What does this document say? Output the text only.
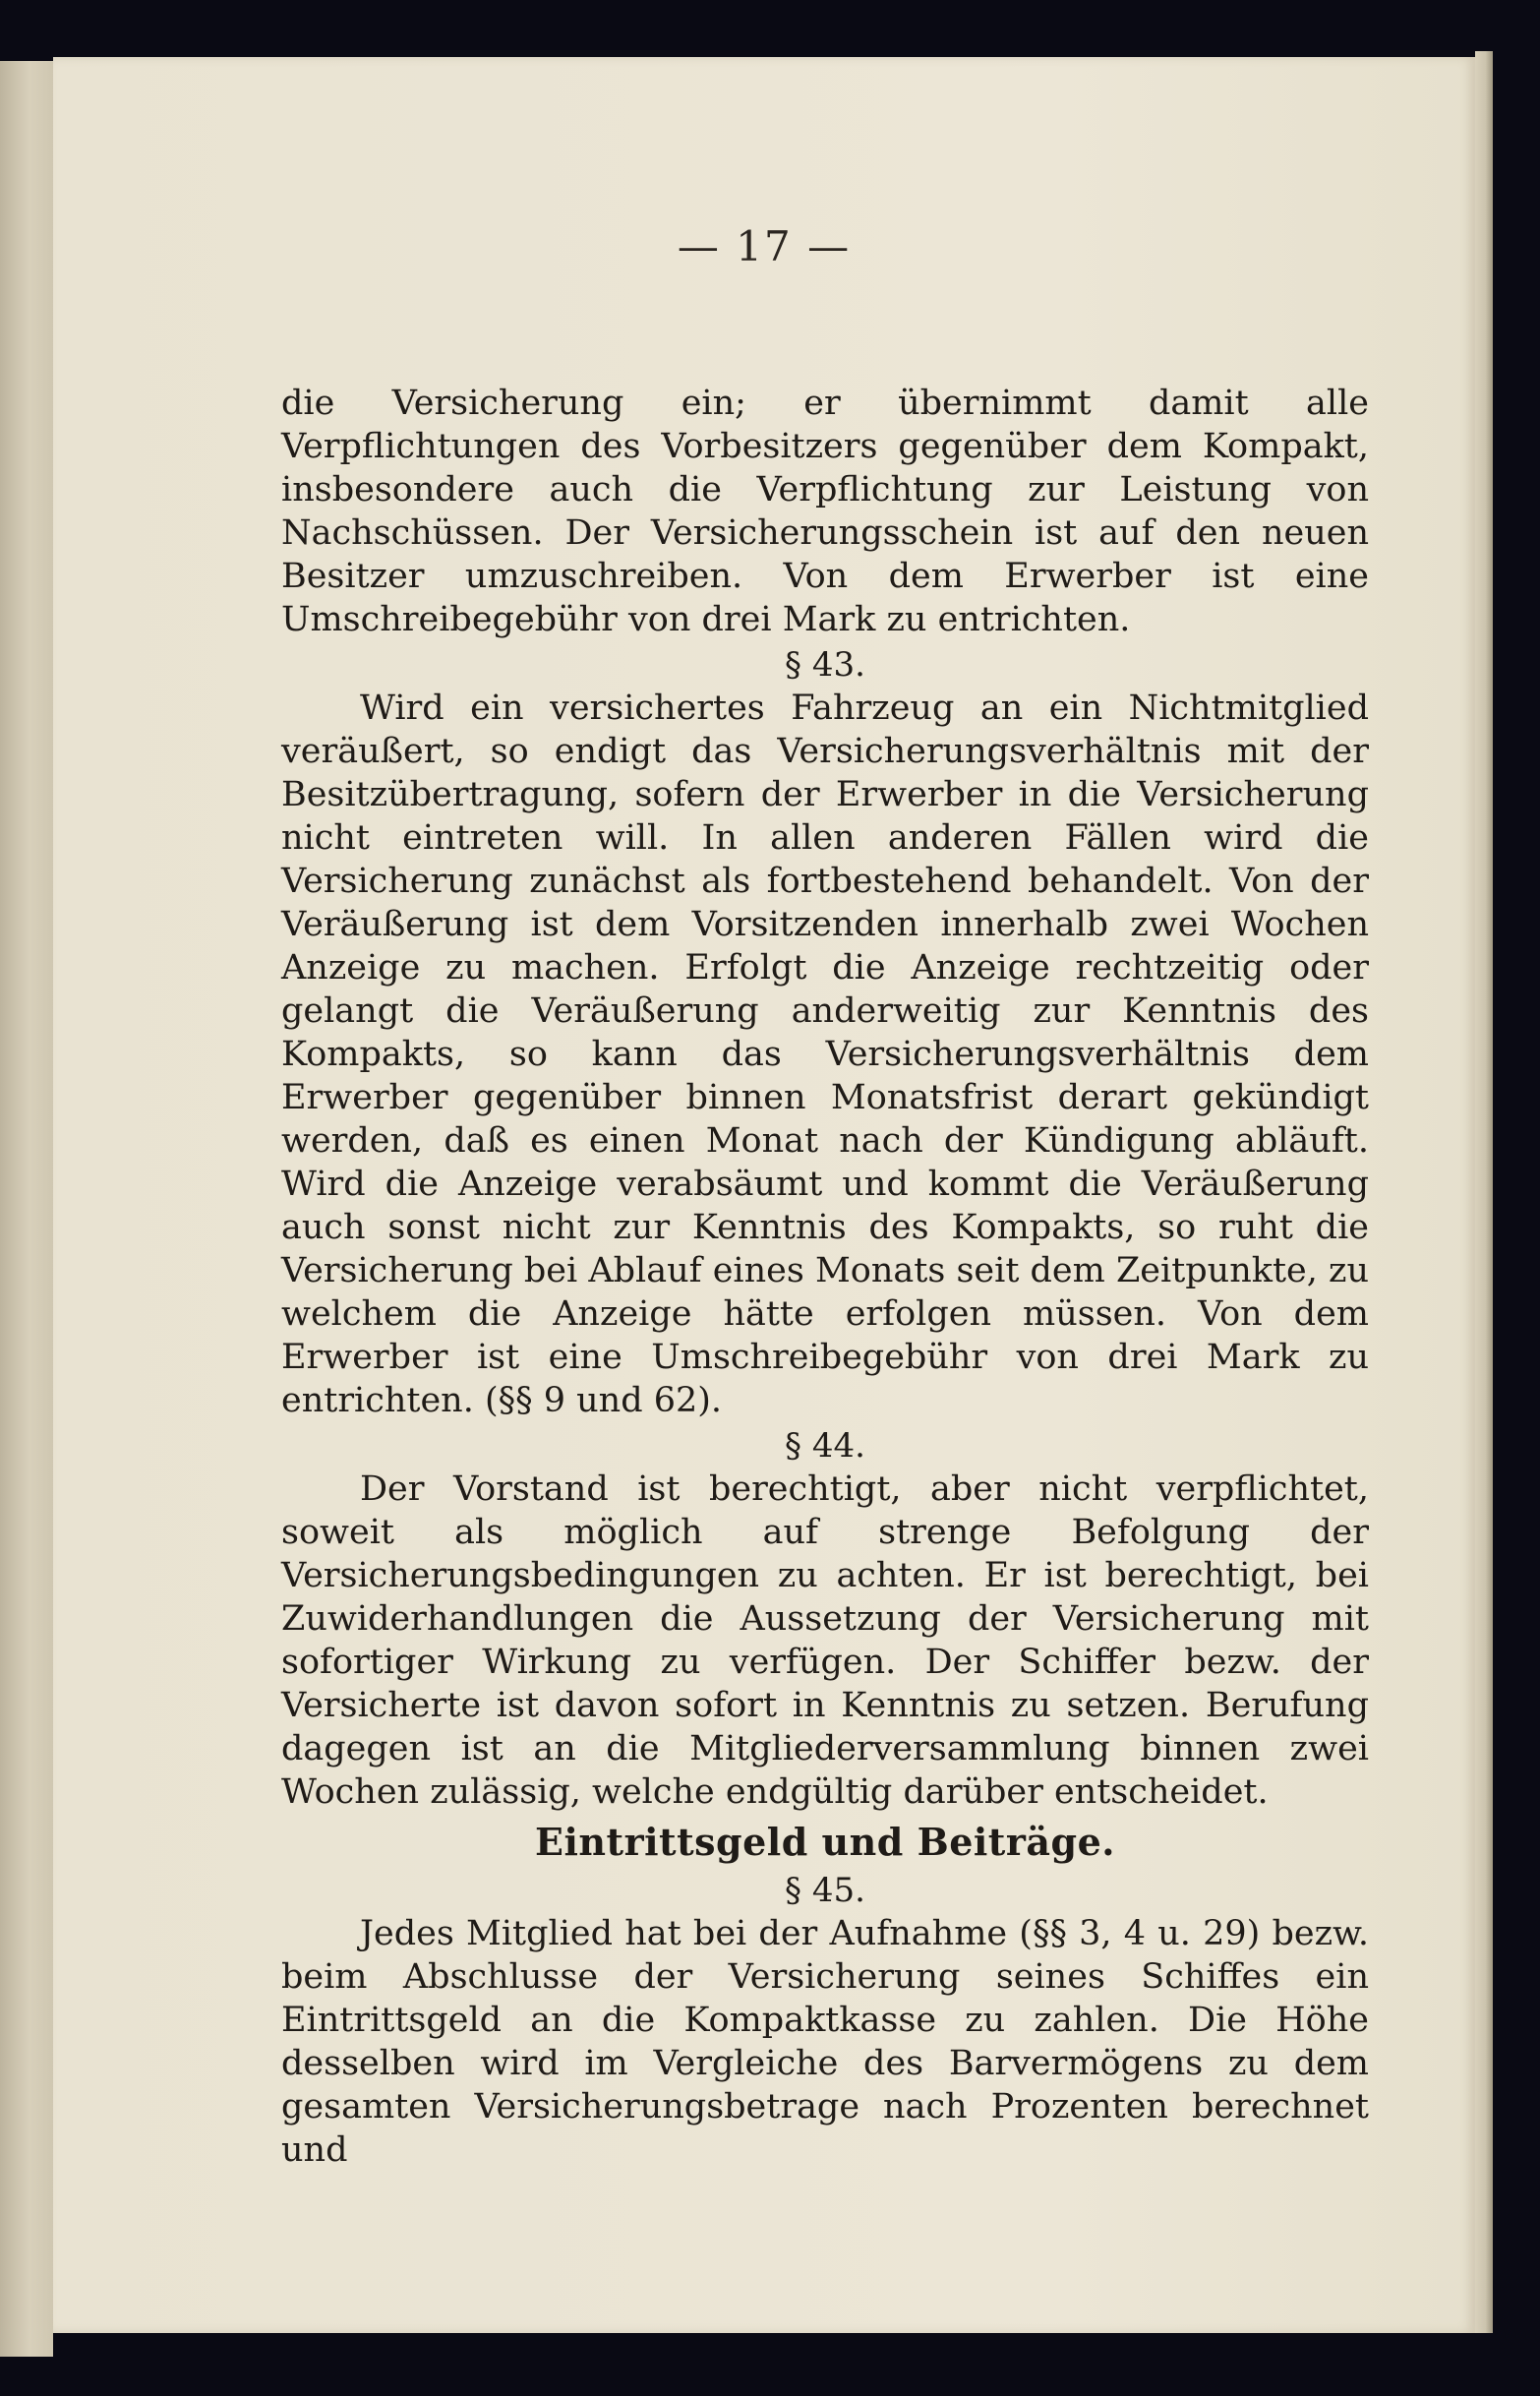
— 17 —

die Versicherung ein; er übernimmt damit alle Verpflichtungen des Vorbesitzers gegenüber dem Kompakt, insbesondere auch die Verpflichtung zur Leistung von Nachschüssen. Der Versicherungsschein ist auf den neuen Besitzer umzuschreiben. Von dem Erwerber ist eine Umschreibegebühr von drei Mark zu entrichten.

§ 43.

Wird ein versichertes Fahrzeug an ein Nichtmitglied veräußert, so endigt das Versicherungsverhältnis mit der Besitzübertragung, sofern der Erwerber in die Versicherung nicht eintreten will. In allen anderen Fällen wird die Versicherung zunächst als fortbestehend behandelt. Von der Veräußerung ist dem Vorsitzenden innerhalb zwei Wochen Anzeige zu machen. Erfolgt die Anzeige rechtzeitig oder gelangt die Veräußerung anderweitig zur Kenntnis des Kompakts, so kann das Versicherungsverhältnis dem Erwerber gegenüber binnen Monatsfrist derart gekündigt werden, daß es einen Monat nach der Kündigung abläuft. Wird die Anzeige verabsäumt und kommt die Veräußerung auch sonst nicht zur Kenntnis des Kompakts, so ruht die Versicherung bei Ablauf eines Monats seit dem Zeitpunkte, zu welchem die Anzeige hätte erfolgen müssen. Von dem Erwerber ist eine Umschreibegebühr von drei Mark zu entrichten. (§§ 9 und 62).

§ 44.

Der Vorstand ist berechtigt, aber nicht verpflichtet, soweit als möglich auf strenge Befolgung der Versicherungsbedingungen zu achten. Er ist berechtigt, bei Zuwiderhandlungen die Aussetzung der Versicherung mit sofortiger Wirkung zu verfügen. Der Schiffer bezw. der Versicherte ist davon sofort in Kenntnis zu setzen. Berufung dagegen ist an die Mitgliederversammlung binnen zwei Wochen zulässig, welche endgültig darüber entscheidet.

Eintrittsgeld und Beiträge.

§ 45.

Jedes Mitglied hat bei der Aufnahme (§§ 3, 4 u. 29) bezw. beim Abschlusse der Versicherung seines Schiffes ein Eintrittsgeld an die Kompaktkasse zu zahlen. Die Höhe desselben wird im Vergleiche des Barvermögens zu dem gesamten Versicherungsbetrage nach Prozenten berechnet und
